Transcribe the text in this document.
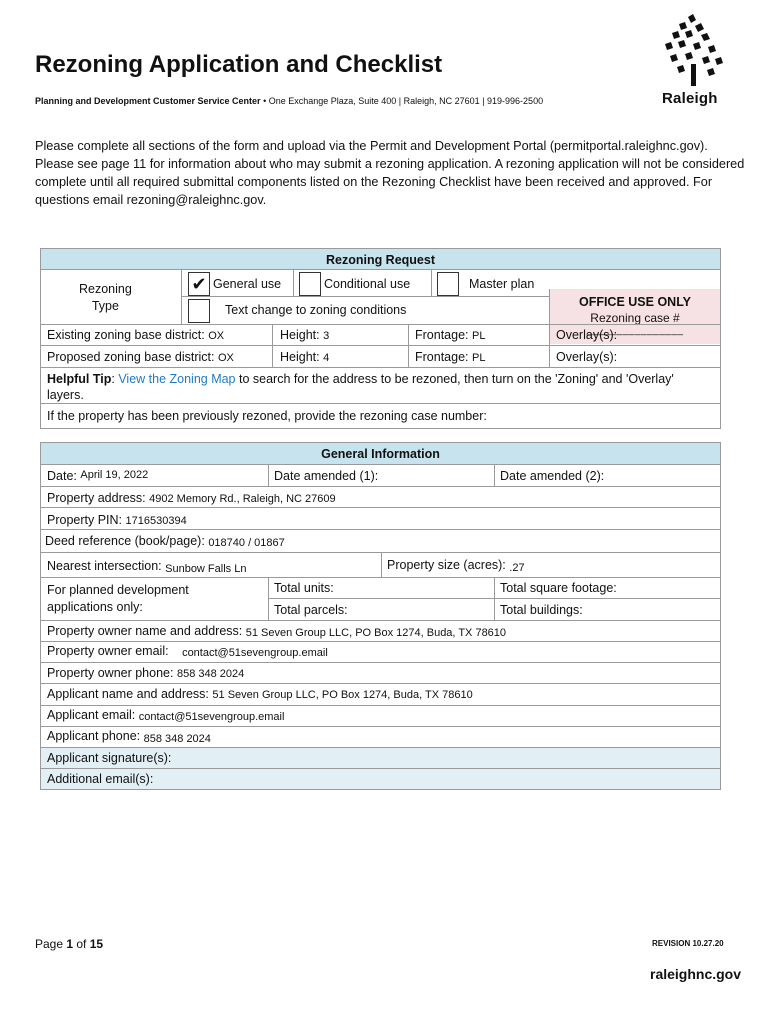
Rezoning Application and Checklist
Planning and Development Customer Service Center • One Exchange Plaza, Suite 400 | Raleigh, NC 27601 | 919-996-2500	Raleigh

Please complete all sections of the form and upload via the Permit and Development Portal (permitportal.raleighnc.gov). Please see page 11 for information about who may submit a rezoning application. A rezoning application will not be considered complete until all required submittal components listed on the Rezoning Checklist have been received and approved. For questions email rezoning@raleighnc.gov.

Rezoning Request
Rezoning
Type
✔ General use	Conditional use	Master plan
Text change to zoning conditions
OFFICE USE ONLY
Rezoning case #
________________
Existing zoning base district: OX	Height: 3	Frontage: PL	Overlay(s):
Proposed zoning base district: OX	Height: 4	Frontage: PL	Overlay(s):
Helpful Tip: View the Zoning Map to search for the address to be rezoned, then turn on the 'Zoning' and 'Overlay'
layers.
If the property has been previously rezoned, provide the rezoning case number:
General Information
Date: April 19, 2022	Date amended (1):	Date amended (2):
Property address: 4902 Memory Rd., Raleigh, NC 27609
Property PIN: 1716530394
Deed reference (book/page): 018740 / 01867
Nearest intersection: Sunbow Falls Ln	Property size (acres): .27
For planned development
applications only:
Total units:	Total square footage:
Total parcels:	Total buildings:
Property owner name and address: 51 Seven Group LLC, PO Box 1274, Buda, TX 78610
Property owner email: contact@51sevengroup.email
Property owner phone: 858 348 2024
Applicant name and address: 51 Seven Group LLC, PO Box 1274, Buda, TX 78610
Applicant email: contact@51sevengroup.email
Applicant phone: 858 348 2024
Applicant signature(s):
Additional email(s):
Page 1 of 15	REVISION 10.27.20
raleighnc.gov
